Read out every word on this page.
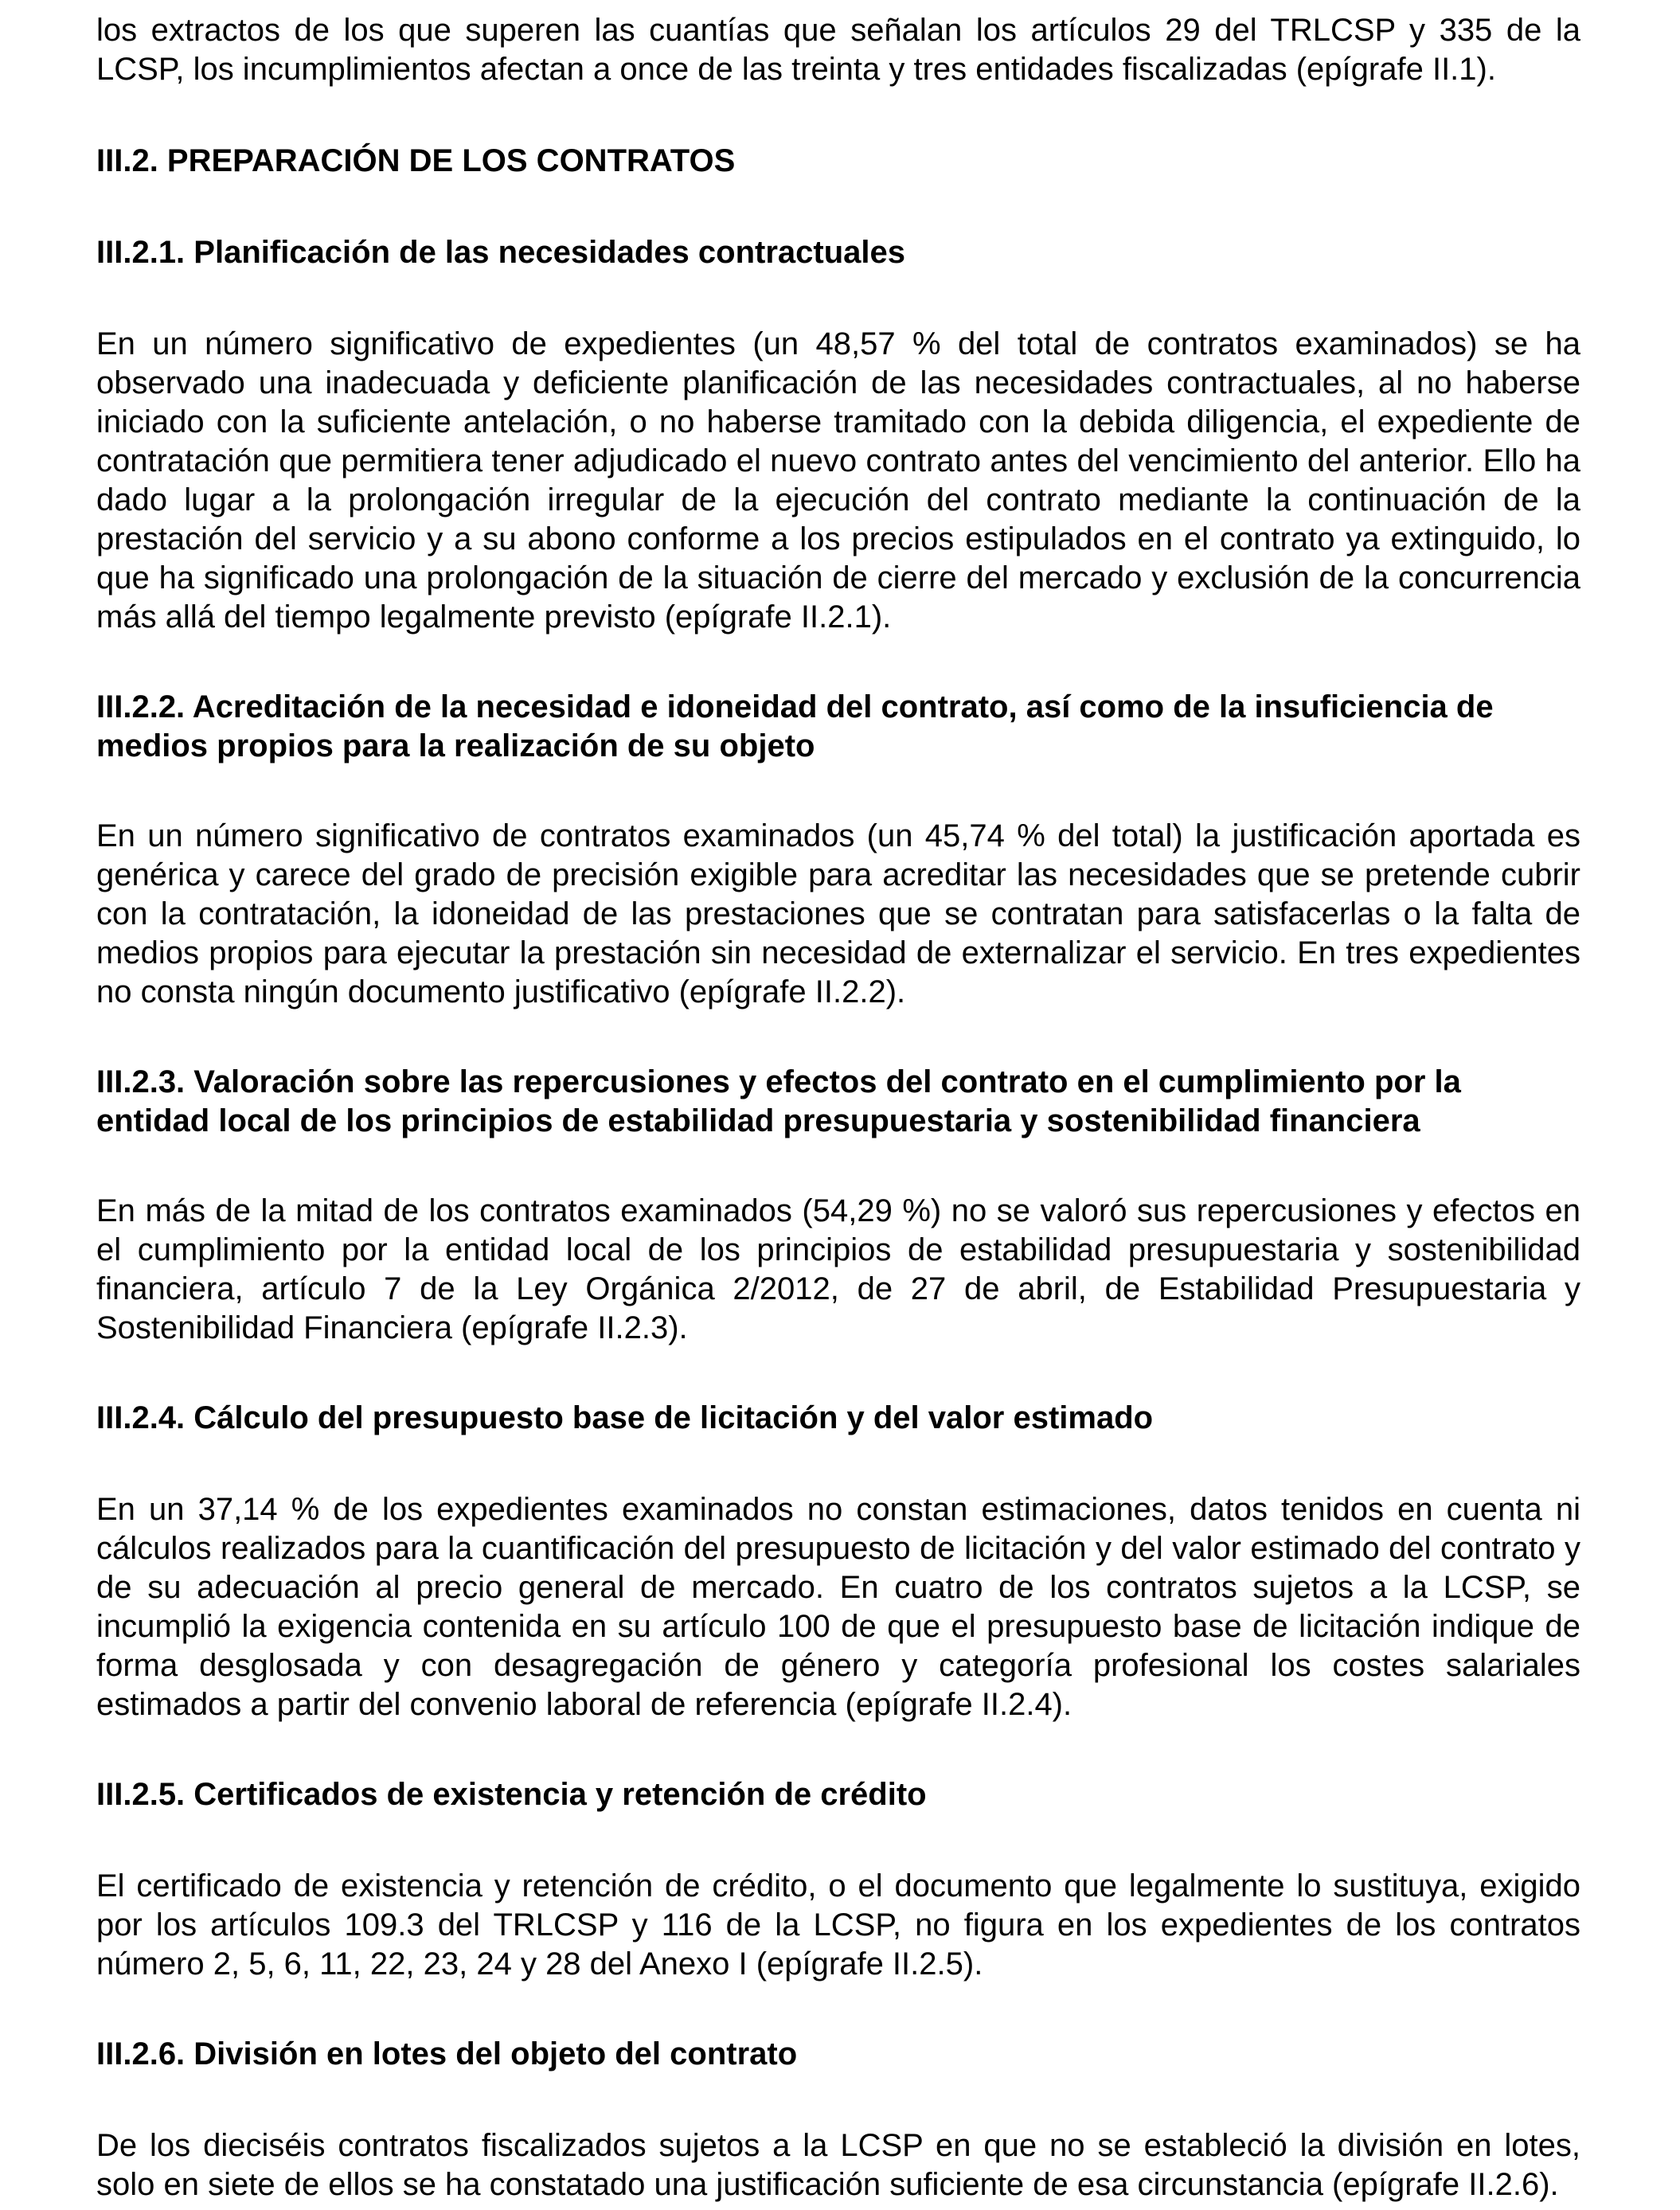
los extractos de los que superen las cuantías que señalan los artículos 29 del TRLCSP y 335 de la LCSP, los incumplimientos afectan a once de las treinta y tres entidades fiscalizadas (epígrafe II.1).

III.2. PREPARACIÓN DE LOS CONTRATOS
III.2.1. Planificación de las necesidades contractuales

En un número significativo de expedientes (un 48,57 % del total de contratos examinados) se ha observado una inadecuada y deficiente planificación de las necesidades contractuales, al no haberse iniciado con la suficiente antelación, o no haberse tramitado con la debida diligencia, el expediente de contratación que permitiera tener adjudicado el nuevo contrato antes del vencimiento del anterior. Ello ha dado lugar a la prolongación irregular de la ejecución del contrato mediante la continuación de la prestación del servicio y a su abono conforme a los precios estipulados en el contrato ya extinguido, lo que ha significado una prolongación de la situación de cierre del mercado y exclusión de la concurrencia más allá del tiempo legalmente previsto (epígrafe II.2.1).

III.2.2. Acreditación de la necesidad e idoneidad del contrato, así como de la insuficiencia de medios propios para la realización de su objeto

En un número significativo de contratos examinados (un 45,74 % del total) la justificación aportada es genérica y carece del grado de precisión exigible para acreditar las necesidades que se pretende cubrir con la contratación, la idoneidad de las prestaciones que se contratan para satisfacerlas o la falta de medios propios para ejecutar la prestación sin necesidad de externalizar el servicio. En tres expedientes no consta ningún documento justificativo (epígrafe II.2.2).

III.2.3. Valoración sobre las repercusiones y efectos del contrato en el cumplimiento por la entidad local de los principios de estabilidad presupuestaria y sostenibilidad financiera

En más de la mitad de los contratos examinados (54,29 %) no se valoró sus repercusiones y efectos en el cumplimiento por la entidad local de los principios de estabilidad presupuestaria y sostenibilidad financiera, artículo 7 de la Ley Orgánica 2/2012, de 27 de abril, de Estabilidad Presupuestaria y Sostenibilidad Financiera (epígrafe II.2.3).

III.2.4. Cálculo del presupuesto base de licitación y del valor estimado

En un 37,14 % de los expedientes examinados no constan estimaciones, datos tenidos en cuenta ni cálculos realizados para la cuantificación del presupuesto de licitación y del valor estimado del contrato y de su adecuación al precio general de mercado. En cuatro de los contratos sujetos a la LCSP, se incumplió la exigencia contenida en su artículo 100 de que el presupuesto base de licitación indique de forma desglosada y con desagregación de género y categoría profesional los costes salariales estimados a partir del convenio laboral de referencia (epígrafe II.2.4).

III.2.5. Certificados de existencia y retención de crédito

El certificado de existencia y retención de crédito, o el documento que legalmente lo sustituya, exigido por los artículos 109.3 del TRLCSP y 116 de la LCSP, no figura en los expedientes de los contratos número 2, 5, 6, 11, 22, 23, 24 y 28 del Anexo I (epígrafe II.2.5).

III.2.6. División en lotes del objeto del contrato

De los dieciséis contratos fiscalizados sujetos a la LCSP en que no se estableció la división en lotes, solo en siete de ellos se ha constatado una justificación suficiente de esa circunstancia (epígrafe II.2.6).
